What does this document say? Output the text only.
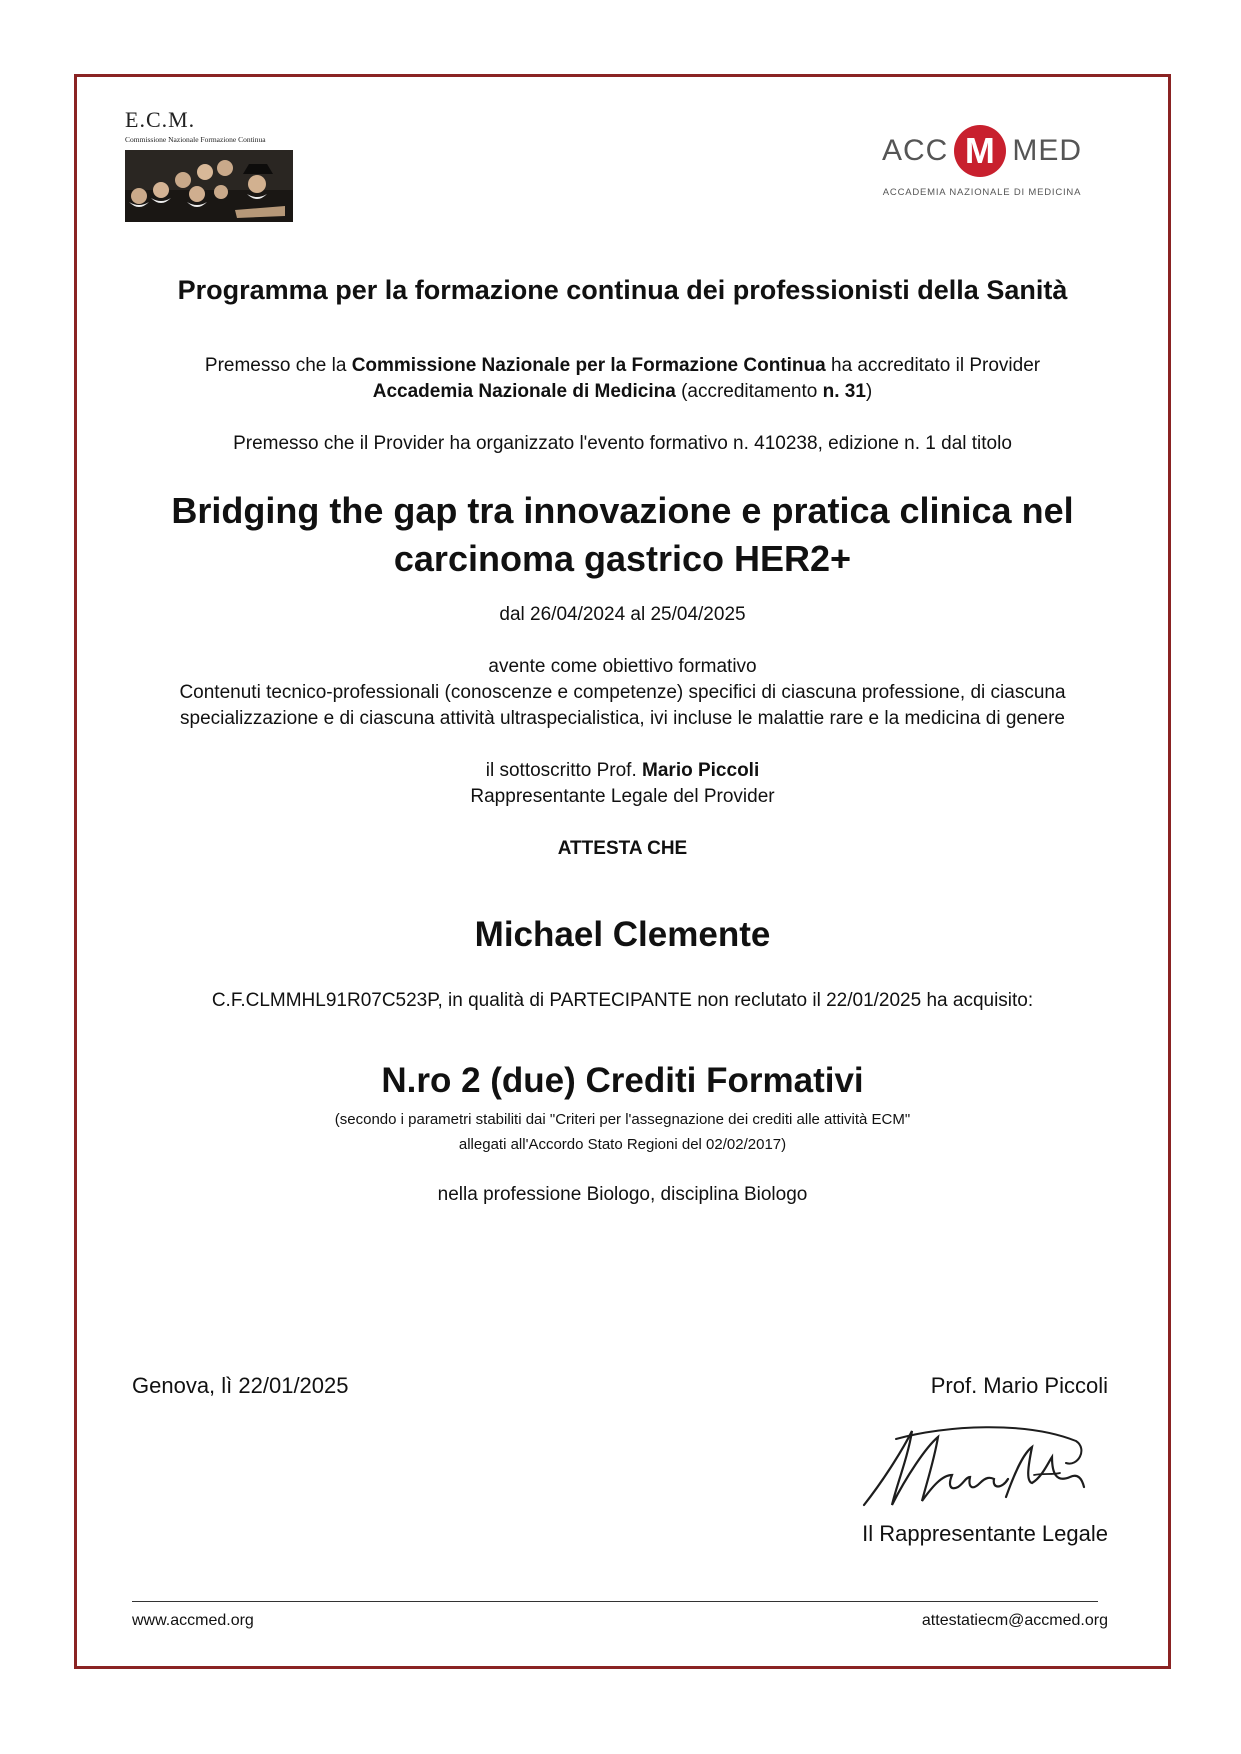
E.C.M.
Commissione Nazionale Formazione Continua	ACC M MED
ACCADEMIA NAZIONALE DI MEDICINA
Programma per la formazione continua dei professionisti della Sanità
Premesso che la Commissione Nazionale per la Formazione Continua ha accreditato il Provider
Accademia Nazionale di Medicina (accreditamento n. 31)
Premesso che il Provider ha organizzato l'evento formativo n. 410238, edizione n. 1 dal titolo
Bridging the gap tra innovazione e pratica clinica nel
carcinoma gastrico HER2+
dal 26/04/2024 al 25/04/2025
avente come obiettivo formativo
Contenuti tecnico-professionali (conoscenze e competenze) specifici di ciascuna professione, di ciascuna
specializzazione e di ciascuna attività ultraspecialistica, ivi incluse le malattie rare e la medicina di genere
il sottoscritto Prof. Mario Piccoli
Rappresentante Legale del Provider
ATTESTA CHE
Michael Clemente
C.F.CLMMHL91R07C523P, in qualità di PARTECIPANTE non reclutato il 22/01/2025 ha acquisito:
N.ro 2 (due) Crediti Formativi
(secondo i parametri stabiliti dai "Criteri per l'assegnazione dei crediti alle attività ECM"
allegati all'Accordo Stato Regioni del 02/02/2017)
nella professione Biologo, disciplina Biologo
Genova, lì 22/01/2025	Prof. Mario Piccoli
Il Rappresentante Legale
www.accmed.org	attestatiecm@accmed.org
